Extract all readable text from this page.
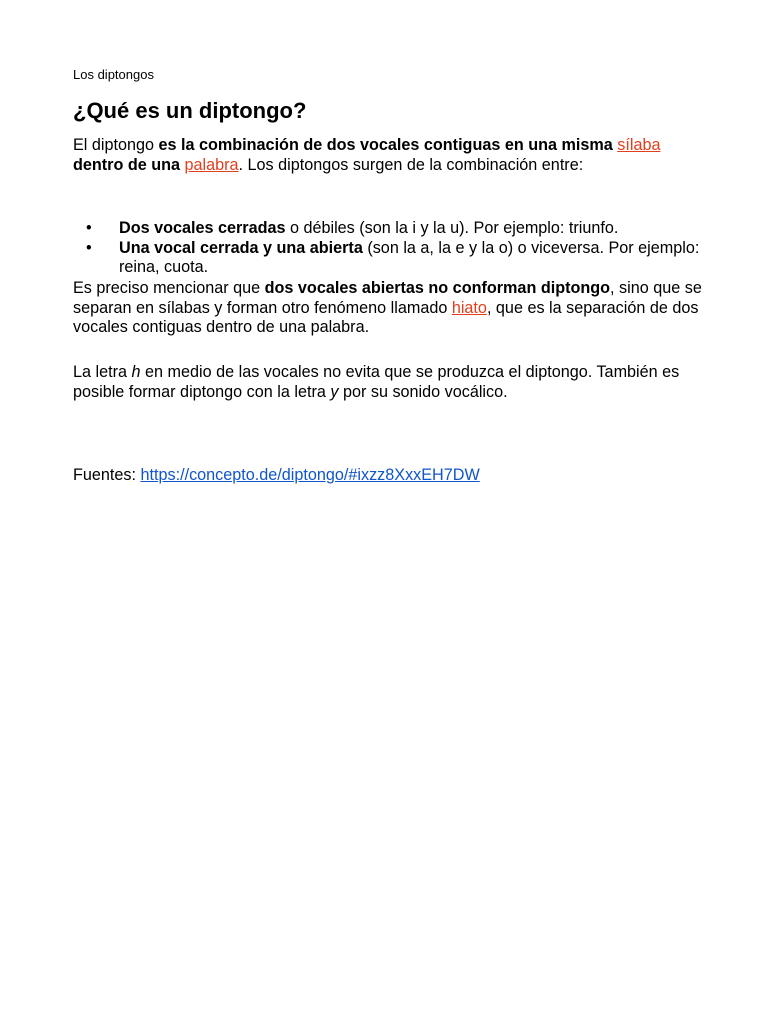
Los diptongos
¿Qué es un diptongo?

El diptongo es la combinación de dos vocales contiguas en una misma sílaba dentro de una palabra. Los diptongos surgen de la combinación entre:

• Dos vocales cerradas o débiles (son la i y la u). Por ejemplo: triunfo.
• Una vocal cerrada y una abierta (son la a, la e y la o) o viceversa. Por ejemplo: reina, cuota.

Es preciso mencionar que dos vocales abiertas no conforman diptongo, sino que se separan en sílabas y forman otro fenómeno llamado hiato, que es la separación de dos vocales contiguas dentro de una palabra.

La letra h en medio de las vocales no evita que se produzca el diptongo. También es posible formar diptongo con la letra y por su sonido vocálico.

Fuentes: https://concepto.de/diptongo/#ixzz8XxxEH7DW
